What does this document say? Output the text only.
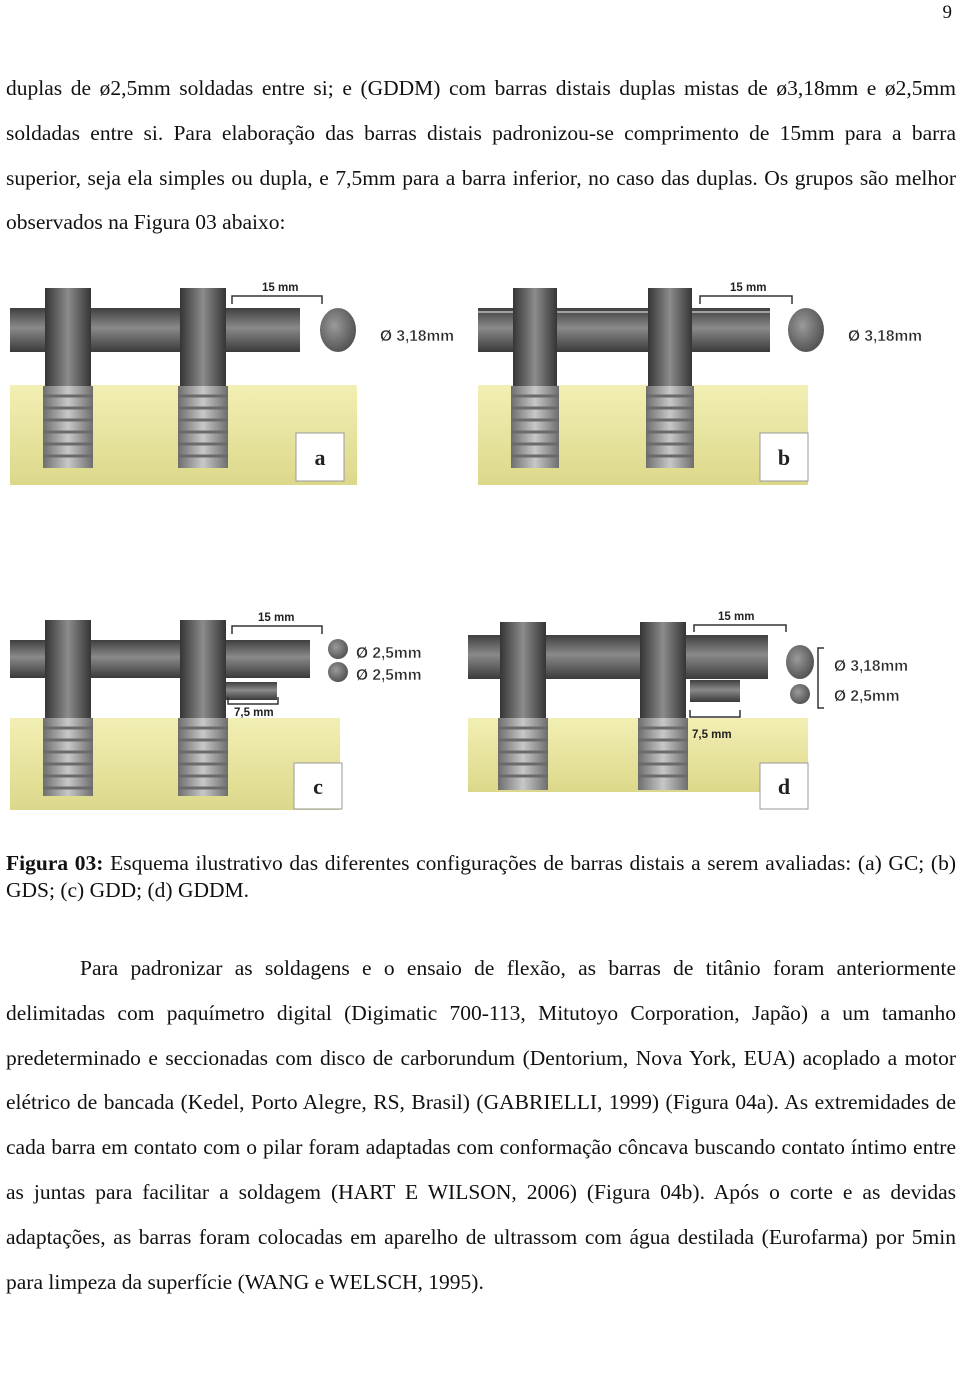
9

duplas de ø2,5mm soldadas entre si; e (GDDM) com barras distais duplas mistas de ø3,18mm e ø2,5mm soldadas entre si. Para elaboração das barras distais padronizou-se comprimento de 15mm para a barra superior, seja ela simples ou dupla, e 7,5mm para a barra inferior, no caso das duplas. Os grupos são melhor observados na Figura 03 abaixo:

15 mm
Ø 3,18mm
a
15 mm
Ø 3,18mm
b
15 mm
7,5 mm
Ø 2,5mm
Ø 2,5mm
c
15 mm
7,5 mm
Ø 3,18mm
Ø 2,5mm
d

Figura 03: Esquema ilustrativo das diferentes configurações de barras distais a serem avaliadas: (a) GC; (b) GDS; (c) GDD; (d) GDDM.

Para padronizar as soldagens e o ensaio de flexão, as barras de titânio foram anteriormente delimitadas com paquímetro digital (Digimatic 700-113, Mitutoyo Corporation, Japão) a um tamanho predeterminado e seccionadas com disco de carborundum (Dentorium, Nova York, EUA) acoplado a motor elétrico de bancada (Kedel, Porto Alegre, RS, Brasil) (GABRIELLI, 1999) (Figura 04a). As extremidades de cada barra em contato com o pilar foram adaptadas com conformação côncava buscando contato íntimo entre as juntas para facilitar a soldagem (HART E WILSON, 2006) (Figura 04b). Após o corte e as devidas adaptações, as barras foram colocadas em aparelho de ultrassom com água destilada (Eurofarma) por 5min para limpeza da superfície (WANG e WELSCH, 1995).
